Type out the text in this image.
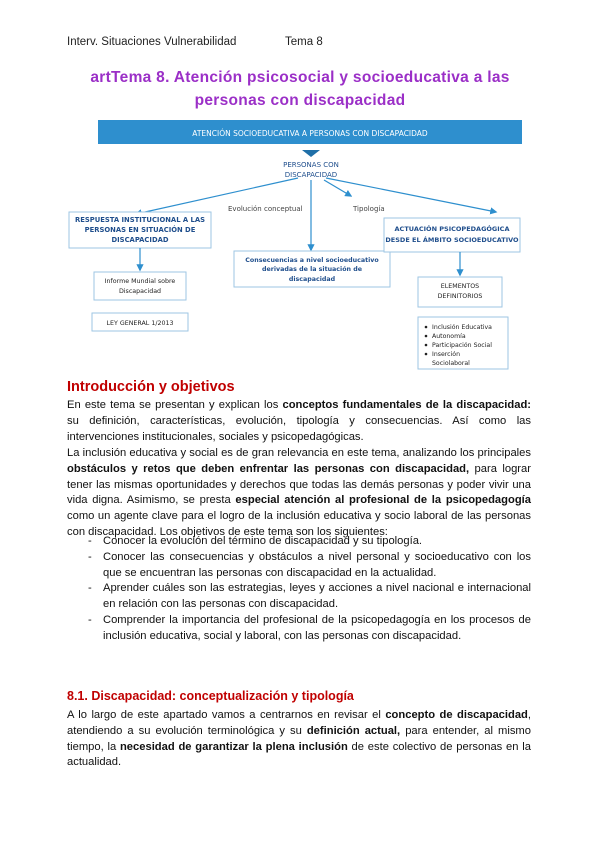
Interv. Situaciones Vulnerabilidad	Tema 8
artTema 8. Atención psicosocial y socioeducativa a las
personas con discapacidad
ATENCIÓN SOCIOEDUCATIVA A PERSONAS CON DISCAPACIDAD
PERSONAS CON
DISCAPACIDAD
Evolución conceptual	Tipología
RESPUESTA INSTITUCIONAL A LAS
PERSONAS EN SITUACIÓN DE
DISCAPACIDAD
Informe Mundial sobre
Discapacidad
LEY GENERAL 1/2013
Consecuencias a nivel socioeducativo
derivadas de la situación de
discapacidad
ACTUACIÓN PSICOPEDAGÓGICA
DESDE EL ÁMBITO SOCIOEDUCATIVO
ELEMENTOS
DEFINITORIOS
Inclusión Educativa
Autonomía
Participación Social
Inserción
Sociolaboral
Introducción y objetivos
En este tema se presentan y explican los conceptos fundamentales de la discapacidad: su definición, características, evolución, tipología y consecuencias. Así como las intervenciones institucionales, sociales y psicopedagógicas.
La inclusión educativa y social es de gran relevancia en este tema, analizando los principales obstáculos y retos que deben enfrentar las personas con discapacidad, para lograr tener las mismas oportunidades y derechos que todas las demás personas y poder vivir una vida digna. Asimismo, se presta especial atención al profesional de la psicopedagogía como un agente clave para el logro de la inclusión educativa y socio laboral de las personas con discapacidad. Los objetivos de este tema son los siguientes:
- Conocer la evolución del término de discapacidad y su tipología.
- Conocer las consecuencias y obstáculos a nivel personal y socioeducativo con los que se encuentran las personas con discapacidad en la actualidad.
- Aprender cuáles son las estrategias, leyes y acciones a nivel nacional e internacional en relación con las personas con discapacidad.
- Comprender la importancia del profesional de la psicopedagogía en los procesos de inclusión educativa, social y laboral, con las personas con discapacidad.
8.1. Discapacidad: conceptualización y tipología
A lo largo de este apartado vamos a centrarnos en revisar el concepto de discapacidad, atendiendo a su evolución terminológica y su definición actual, para entender, al mismo tiempo, la necesidad de garantizar la plena inclusión de este colectivo de personas en la actualidad.
